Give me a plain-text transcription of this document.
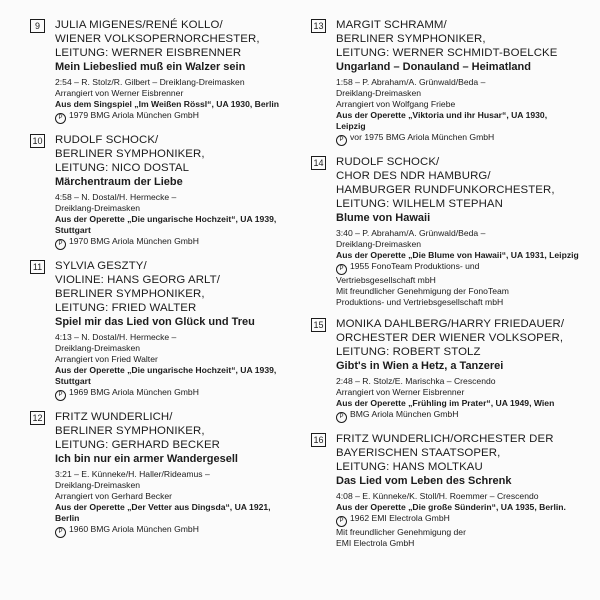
9	JULIA MIGENES/RENÉ KOLLO/
WIENER VOLKSOPERNORCHESTER,
LEITUNG: WERNER EISBRENNER
Mein Liebeslied muß ein Walzer sein
2:54 – R. Stolz/R. Gilbert – Dreiklang-Dreimasken
Arrangiert von Werner Eisbrenner
Aus dem Singspiel „Im Weißen Rössl“, UA 1930, Berlin
P 1979 BMG Ariola München GmbH
10 RUDOLF SCHOCK/
BERLINER SYMPHONIKER,
LEITUNG: NICO DOSTAL
Märchentraum der Liebe
4:58 – N. Dostal/H. Hermecke –
Dreiklang-Dreimasken
Aus der Operette „Die ungarische Hochzeit“, UA 1939,
Stuttgart
P 1970 BMG Ariola München GmbH
11 SYLVIA GESZTY/
VIOLINE: HANS GEORG ARLT/
BERLINER SYMPHONIKER,
LEITUNG: FRIED WALTER
Spiel mir das Lied von Glück und Treu
4:13 – N. Dostal/H. Hermecke –
Dreiklang-Dreimasken
Arrangiert von Fried Walter
Aus der Operette „Die ungarische Hochzeit“, UA 1939,
Stuttgart
P 1969 BMG Ariola München GmbH
12 FRITZ WUNDERLICH/
BERLINER SYMPHONIKER,
LEITUNG: GERHARD BECKER
Ich bin nur ein armer Wandergesell
3:21 – E. Künneke/H. Haller/Rideamus –
Dreiklang-Dreimasken
Arrangiert von Gerhard Becker
Aus der Operette „Der Vetter aus Dingsda“, UA 1921,
Berlin
P 1960 BMG Ariola München GmbH
13 MARGIT SCHRAMM/
BERLINER SYMPHONIKER,
LEITUNG: WERNER SCHMIDT-BOELCKE
Ungarland – Donauland – Heimatland
1:58 – P. Abraham/A. Grünwald/Beda –
Dreiklang-Dreimasken
Arrangiert von Wolfgang Friebe
Aus der Operette „Viktoria und ihr Husar“, UA 1930, Leipzig
P vor 1975 BMG Ariola München GmbH
14 RUDOLF SCHOCK/
CHOR DES NDR HAMBURG/
HAMBURGER RUNDFUNKORCHESTER,
LEITUNG: WILHELM STEPHAN
Blume von Hawaii
3:40 – P. Abraham/A. Grünwald/Beda –
Dreiklang-Dreimasken
Aus der Operette „Die Blume von Hawaii“, UA 1931, Leipzig
P 1955 FonoTeam Produktions- und
Vertriebsgesellschaft mbH
Mit freundlicher Genehmigung der FonoTeam
Produktions- und Vertriebsgesellschaft mbH
15 MONIKA DAHLBERG/HARRY FRIEDAUER/
ORCHESTER DER WIENER VOLKSOPER,
LEITUNG: ROBERT STOLZ
Gibt's in Wien a Hetz, a Tanzerei
2:48 – R. Stolz/E. Marischka – Crescendo
Arrangiert von Werner Eisbrenner
Aus der Operette „Frühling im Prater“, UA 1949, Wien
P BMG Ariola München GmbH
16 FRITZ WUNDERLICH/ORCHESTER DER
BAYERISCHEN STAATSOPER,
LEITUNG: HANS MOLTKAU
Das Lied vom Leben des Schrenk
4:08 – E. Künneke/K. Stoll/H. Roemmer – Crescendo
Aus der Operette „Die große Sünderin“, UA 1935, Berlin.
P 1962 EMI Electrola GmbH
Mit freundlicher Genehmigung der
EMI Electrola GmbH
